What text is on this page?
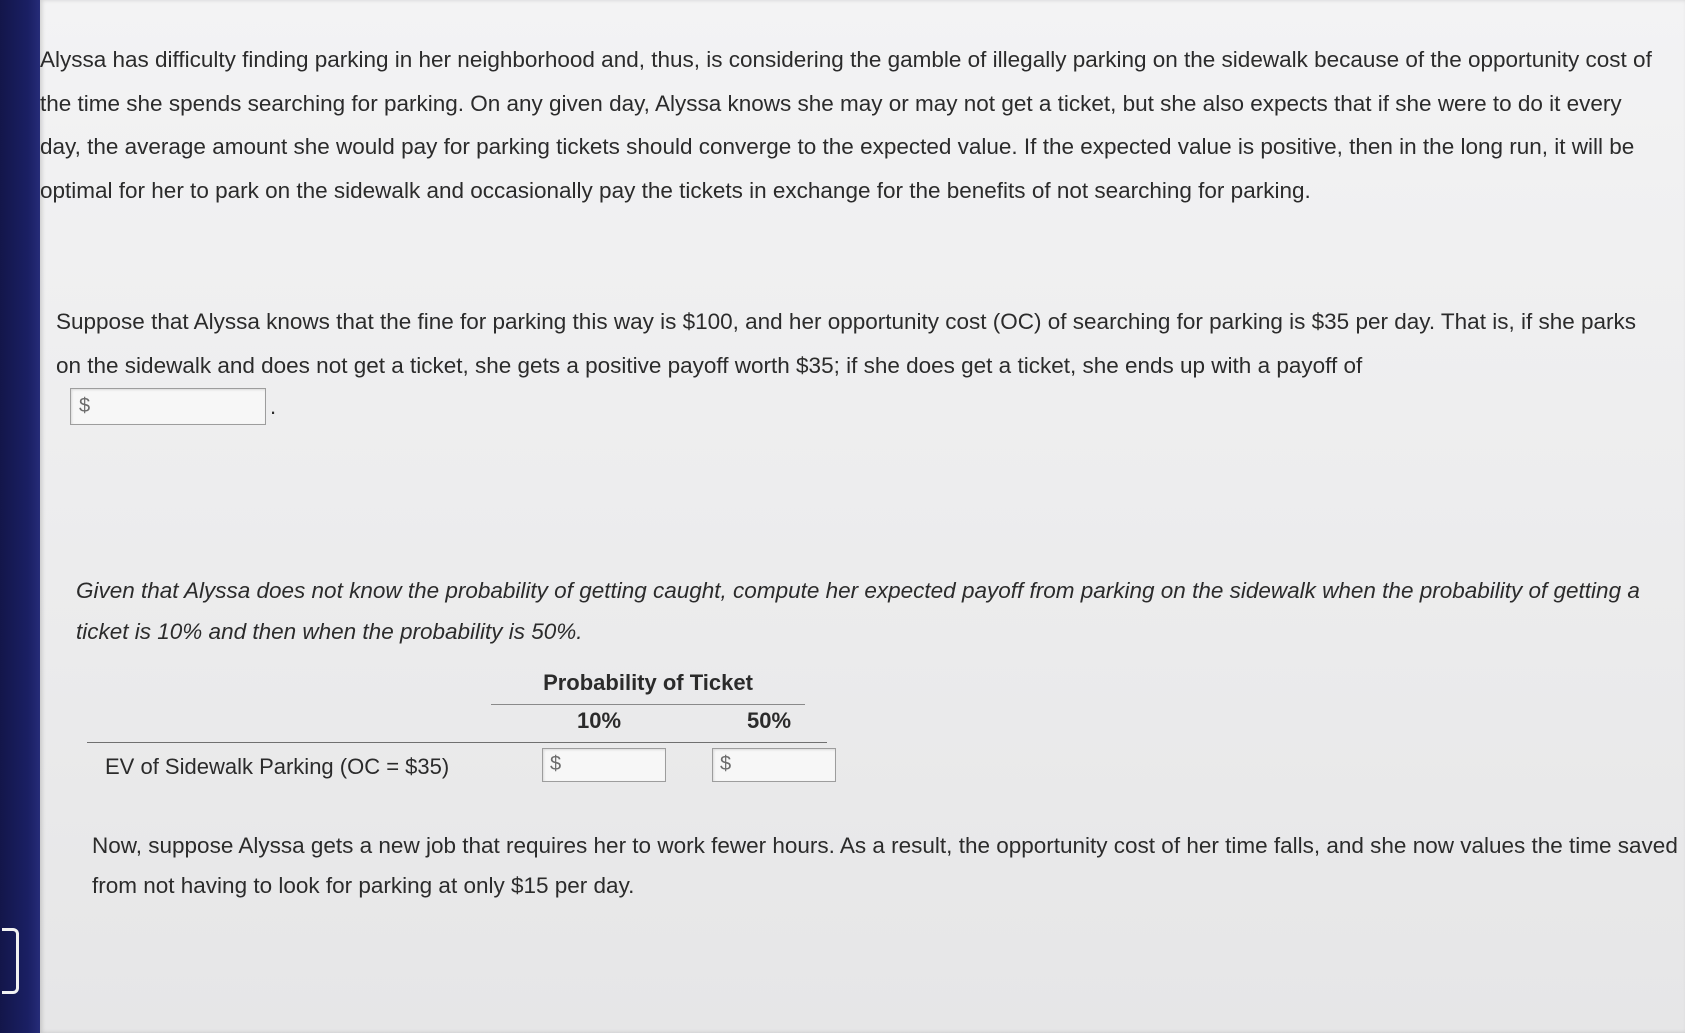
Alyssa has difficulty finding parking in her neighborhood and, thus, is considering the gamble of illegally parking on the sidewalk because of the opportunity cost of the time she spends searching for parking. On any given day, Alyssa knows she may or may not get a ticket, but she also expects that if she were to do it every day, the average amount she would pay for parking tickets should converge to the expected value. If the expected value is positive, then in the long run, it will be optimal for her to park on the sidewalk and occasionally pay the tickets in exchange for the benefits of not searching for parking.

Suppose that Alyssa knows that the fine for parking this way is $100, and her opportunity cost (OC) of searching for parking is $35 per day. That is, if she parks on the sidewalk and does not get a ticket, she gets a positive payoff worth $35; if she does get a ticket, she ends up with a payoff of

$	.

Given that Alyssa does not know the probability of getting caught, compute her expected payoff from parking on the sidewalk when the probability of getting a ticket is 10% and then when the probability is 50%.

Probability of Ticket
10%	50%
EV of Sidewalk Parking (OC = $35)	$	$

Now, suppose Alyssa gets a new job that requires her to work fewer hours. As a result, the opportunity cost of her time falls, and she now values the time saved from not having to look for parking at only $15 per day.
